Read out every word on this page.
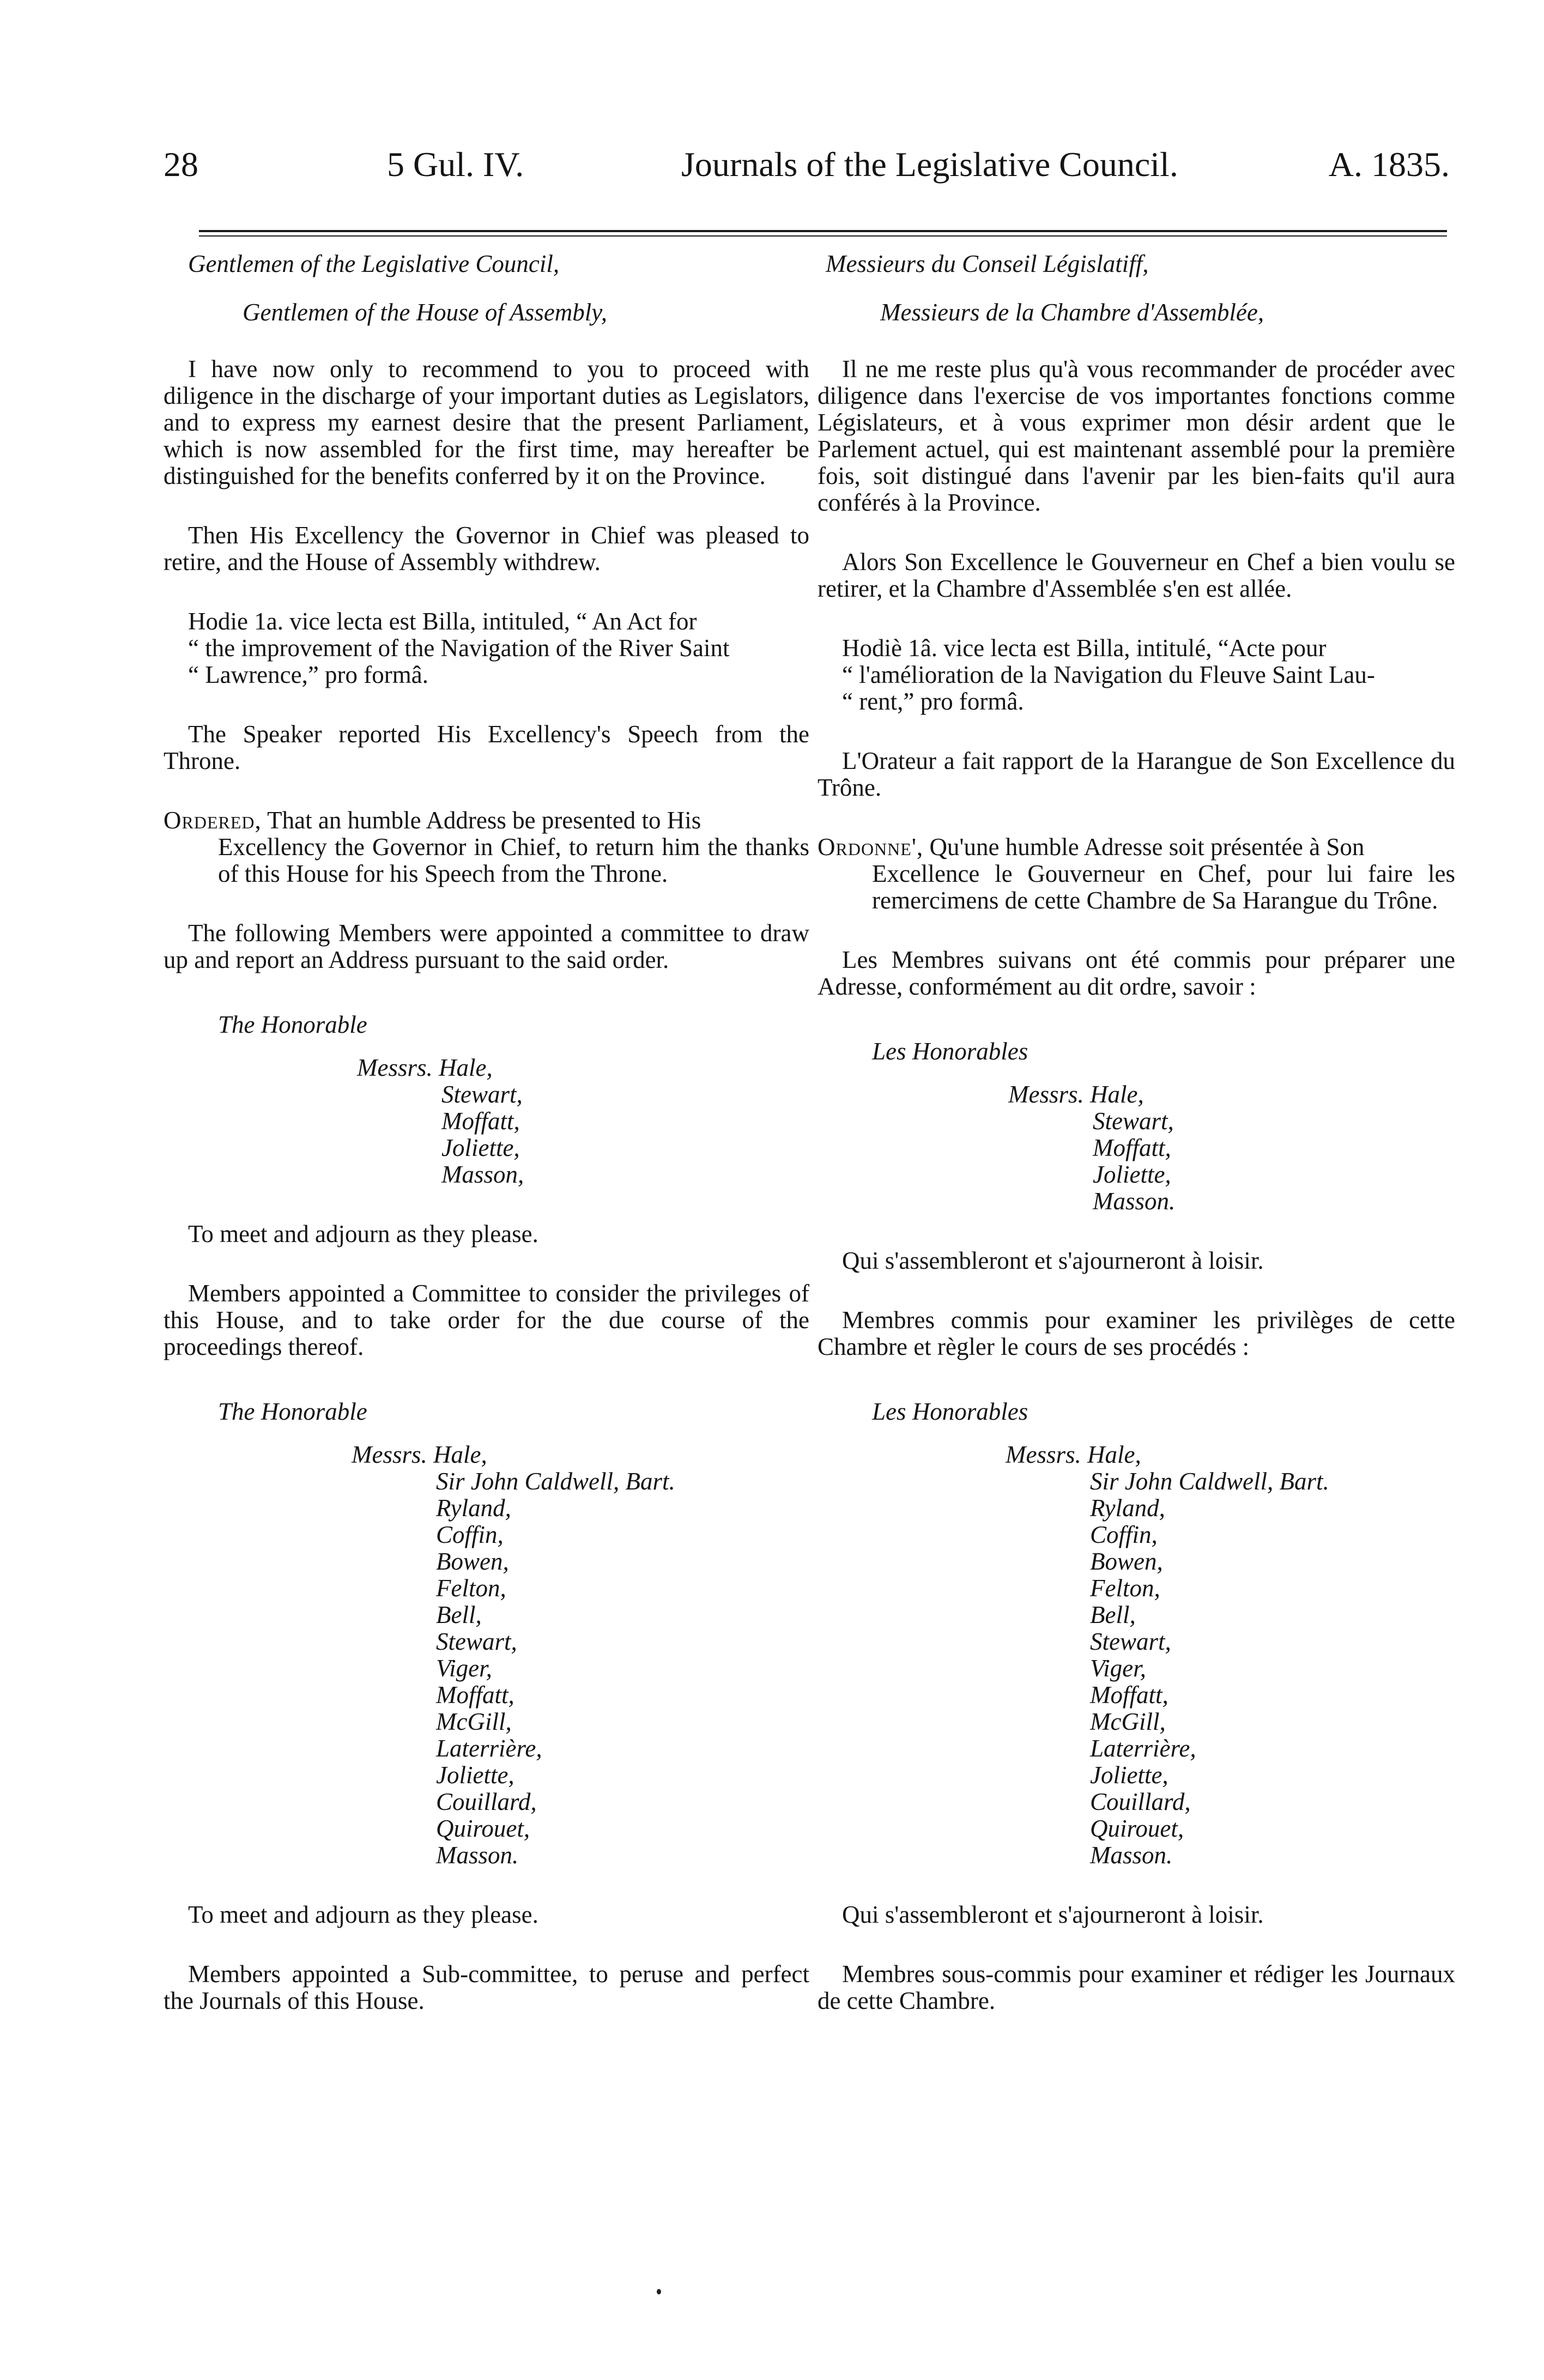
28	5 Gul. IV.	Journals of the Legislative Council.	A. 1835.
Gentlemen of the Legislative Council,
Gentlemen of the House of Assembly,

I have now only to recommend to you to proceed with diligence in the discharge of your important duties as Legislators, and to express my earnest desire that the present Parliament, which is now assembled for the first time, may hereafter be distinguished for the benefits conferred by it on the Province.

Then His Excellency the Governor in Chief was pleased to retire, and the House of Assembly withdrew.

Hodie 1a. vice lecta est Billa, intituled, “ An Act for
“ the improvement of the Navigation of the River Saint
“ Lawrence,” pro formâ.

The Speaker reported His Excellency's Speech from the Throne.

Ordered, That an humble Address be presented to His

Excellency the Governor in Chief, to return him the thanks of this House for his Speech from the Throne.

The following Members were appointed a committee to draw up and report an Address pursuant to the said order.

The Honorable
Messrs. Hale,
Stewart,
Moffatt,
Joliette,
Masson,
To meet and adjourn as they please.

Members appointed a Committee to consider the privileges of this House, and to take order for the due course of the proceedings thereof.

The Honorable
Messrs. Hale,
Sir John Caldwell, Bart.
Ryland,
Coffin,
Bowen,
Felton,
Bell,
Stewart,
Viger,
Moffatt,
McGill,
Laterrière,
Joliette,
Couillard,
Quirouet,
Masson.
To meet and adjourn as they please.

Members appointed a Sub-committee, to peruse and perfect the Journals of this House.

Messieurs du Conseil Législatiff,
Messieurs de la Chambre d'Assemblée,

Il ne me reste plus qu'à vous recommander de procéder avec diligence dans l'exercise de vos importantes fonctions comme Législateurs, et à vous exprimer mon désir ardent que le Parlement actuel, qui est maintenant assemblé pour la première fois, soit distingué dans l'avenir par les bien-faits qu'il aura conférés à la Province.

Alors Son Excellence le Gouverneur en Chef a bien voulu se retirer, et la Chambre d'Assemblée s'en est allée.

Hodiè 1â. vice lecta est Billa, intitulé, “Acte pour
“ l'amélioration de la Navigation du Fleuve Saint Lau-
“ rent,” pro formâ.

L'Orateur a fait rapport de la Harangue de Son Excellence du Trône.

Ordonne', Qu'une humble Adresse soit présentée à Son

Excellence le Gouverneur en Chef, pour lui faire les remercimens de cette Chambre de Sa Harangue du Trône.

Les Membres suivans ont été commis pour préparer une Adresse, conformément au dit ordre, savoir :

Les Honorables
Messrs. Hale,
Stewart,
Moffatt,
Joliette,
Masson.
Qui s'assembleront et s'ajourneront à loisir.

Membres commis pour examiner les privilèges de cette Chambre et règler le cours de ses procédés :

Les Honorables
Messrs. Hale,
Sir John Caldwell, Bart.
Ryland,
Coffin,
Bowen,
Felton,
Bell,
Stewart,
Viger,
Moffatt,
McGill,
Laterrière,
Joliette,
Couillard,
Quirouet,
Masson.
Qui s'assembleront et s'ajourneront à loisir.

Membres sous-commis pour examiner et rédiger les Journaux de cette Chambre.
